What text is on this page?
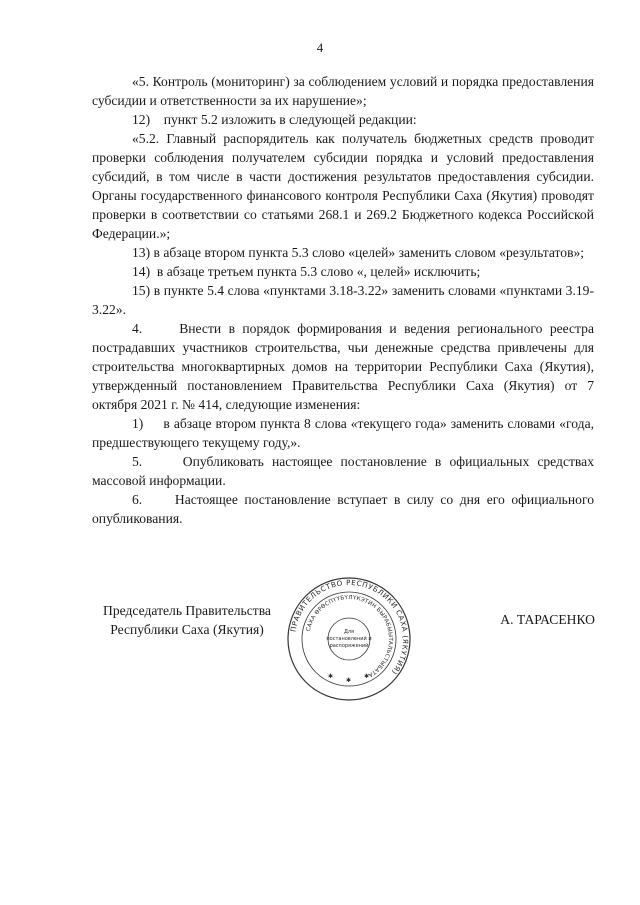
4

«5. Контроль (мониторинг) за соблюдением условий и порядка предоставления субсидии и ответственности за их нарушение»;

12)    пункт 5.2 изложить в следующей редакции:

«5.2. Главный распорядитель как получатель бюджетных средств проводит проверки соблюдения получателем субсидии порядка и условий предоставления субсидий, в том числе в части достижения результатов предоставления субсидии. Органы государственного финансового контроля Республики Саха (Якутия) проводят проверки в соответствии со статьями 268.1 и 269.2 Бюджетного кодекса Российской Федерации.»;

13) в абзаце втором пункта 5.3 слово «целей» заменить словом «результатов»;

14)  в абзаце третьем пункта 5.3 слово «, целей» исключить;

15) в пункте 5.4 слова «пунктами 3.18-3.22» заменить словами «пунктами 3.19-3.22».

4.     Внести в порядок формирования и ведения регионального реестра пострадавших участников строительства, чьи денежные средства привлечены для строительства многоквартирных домов на территории Республики Саха (Якутия), утвержденный постановлением Правительства Республики Саха (Якутия) от 7 октября 2021 г. № 414, следующие изменения:

1)     в абзаце втором пункта 8 слова «текущего года» заменить словами «года, предшествующего текущему году,».

5.     Опубликовать настоящее постановление в официальных средствах массовой информации.

6.     Настоящее постановление вступает в силу со дня его официального опубликования.

Председатель Правительства
Республики Саха (Якутия)	ПРАВИТЕЛЬСТВО РЕСПУБЛИКИ САХА (ЯКУТИЯ)
САХА ӨРӨСПҮҮБҮЛҮКЭТИН БЫРАБЫЫТАЛЬСТЫБАТА
Для
постановлений и
распоряжений
✱
✱
✱
А. ТАРАСЕНКО
